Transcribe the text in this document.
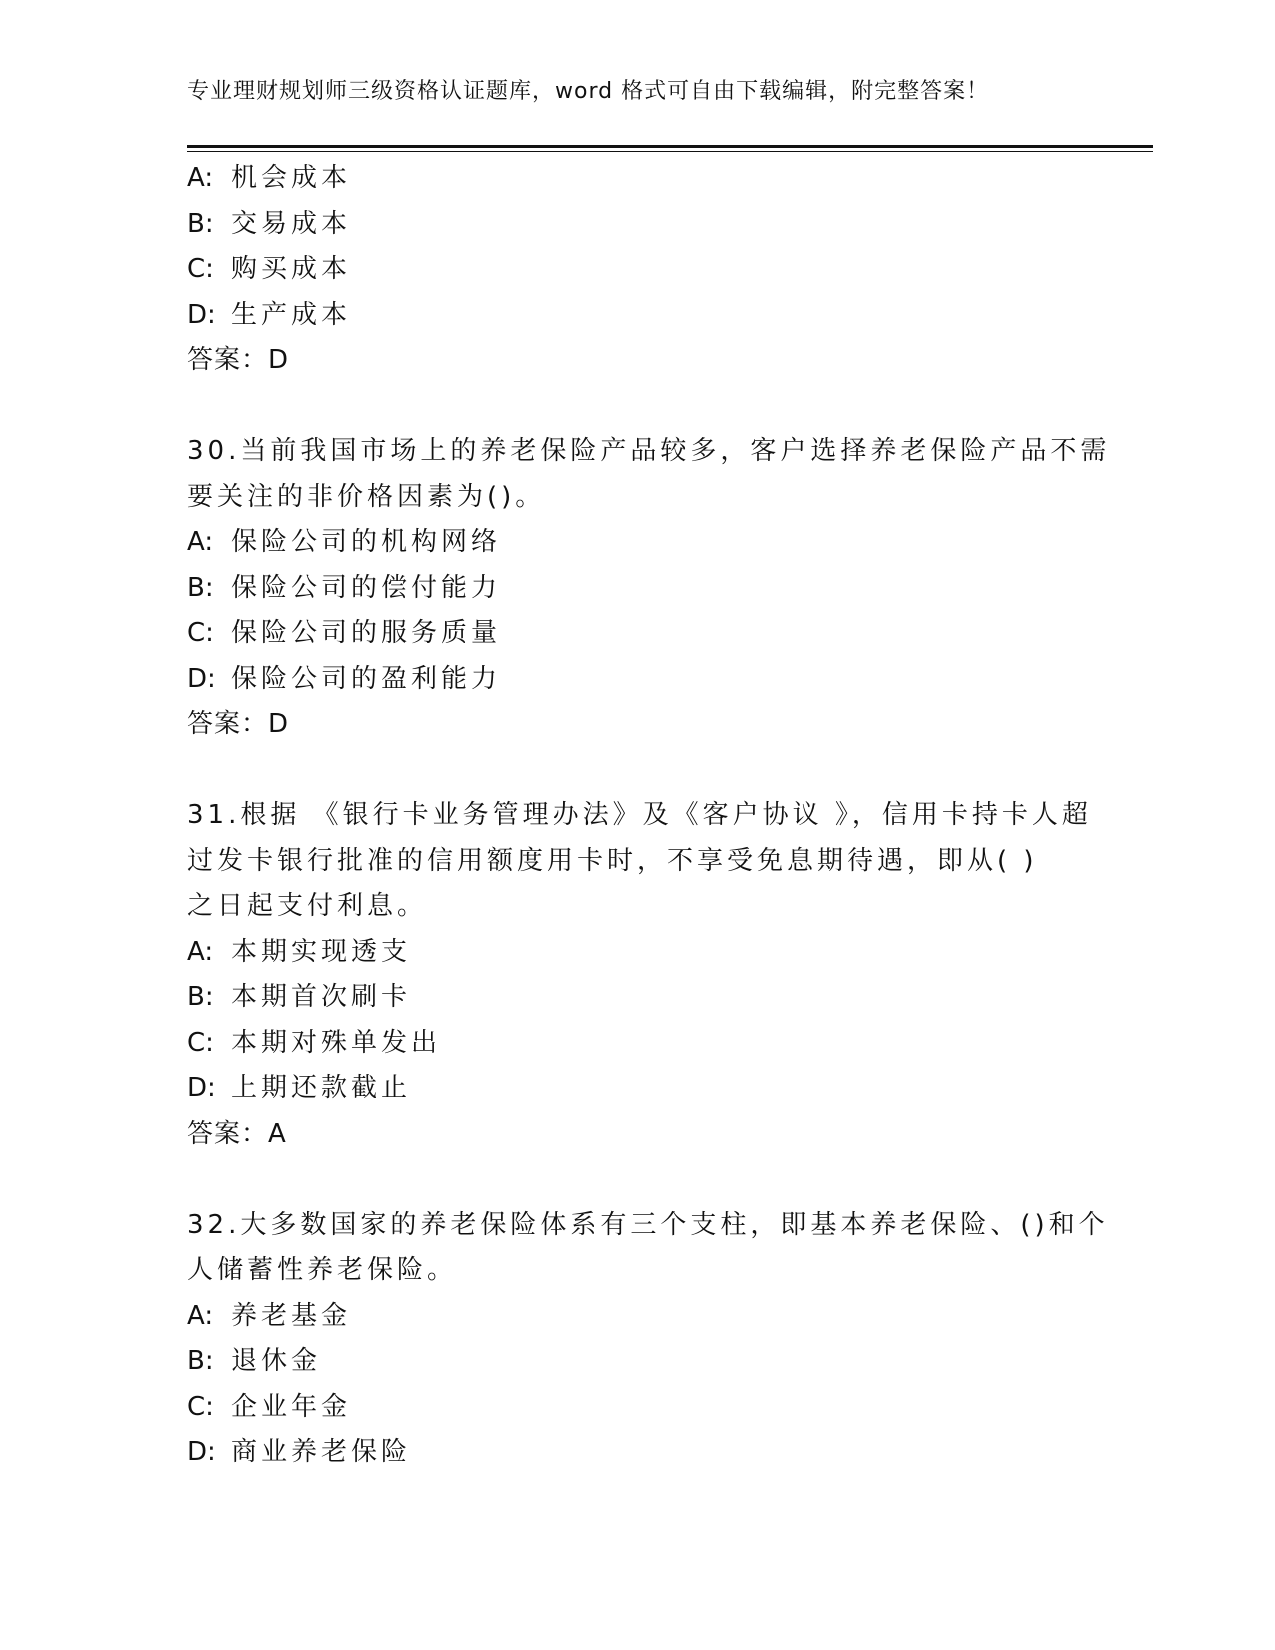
专业理财规划师三级资格认证题库，word 格式可自由下载编辑，附完整答案！
A: 机会成本
B: 交易成本
C: 购买成本
D: 生产成本
答案：D
30.当前我国市场上的养老保险产品较多，客户选择养老保险产品不需
要关注的非价格因素为()。
A: 保险公司的机构网络
B: 保险公司的偿付能力
C: 保险公司的服务质量
D: 保险公司的盈利能力
答案：D
31.根据 《银行卡业务管理办法》及《客户协议 》，信用卡持卡人超
过发卡银行批准的信用额度用卡时，不享受免息期待遇，即从( )
之日起支付利息。
A: 本期实现透支
B: 本期首次刷卡
C: 本期对殊单发出
D: 上期还款截止
答案：A
32.大多数国家的养老保险体系有三个支柱，即基本养老保险、()和个
人储蓄性养老保险。
A: 养老基金
B: 退休金
C: 企业年金
D: 商业养老保险
